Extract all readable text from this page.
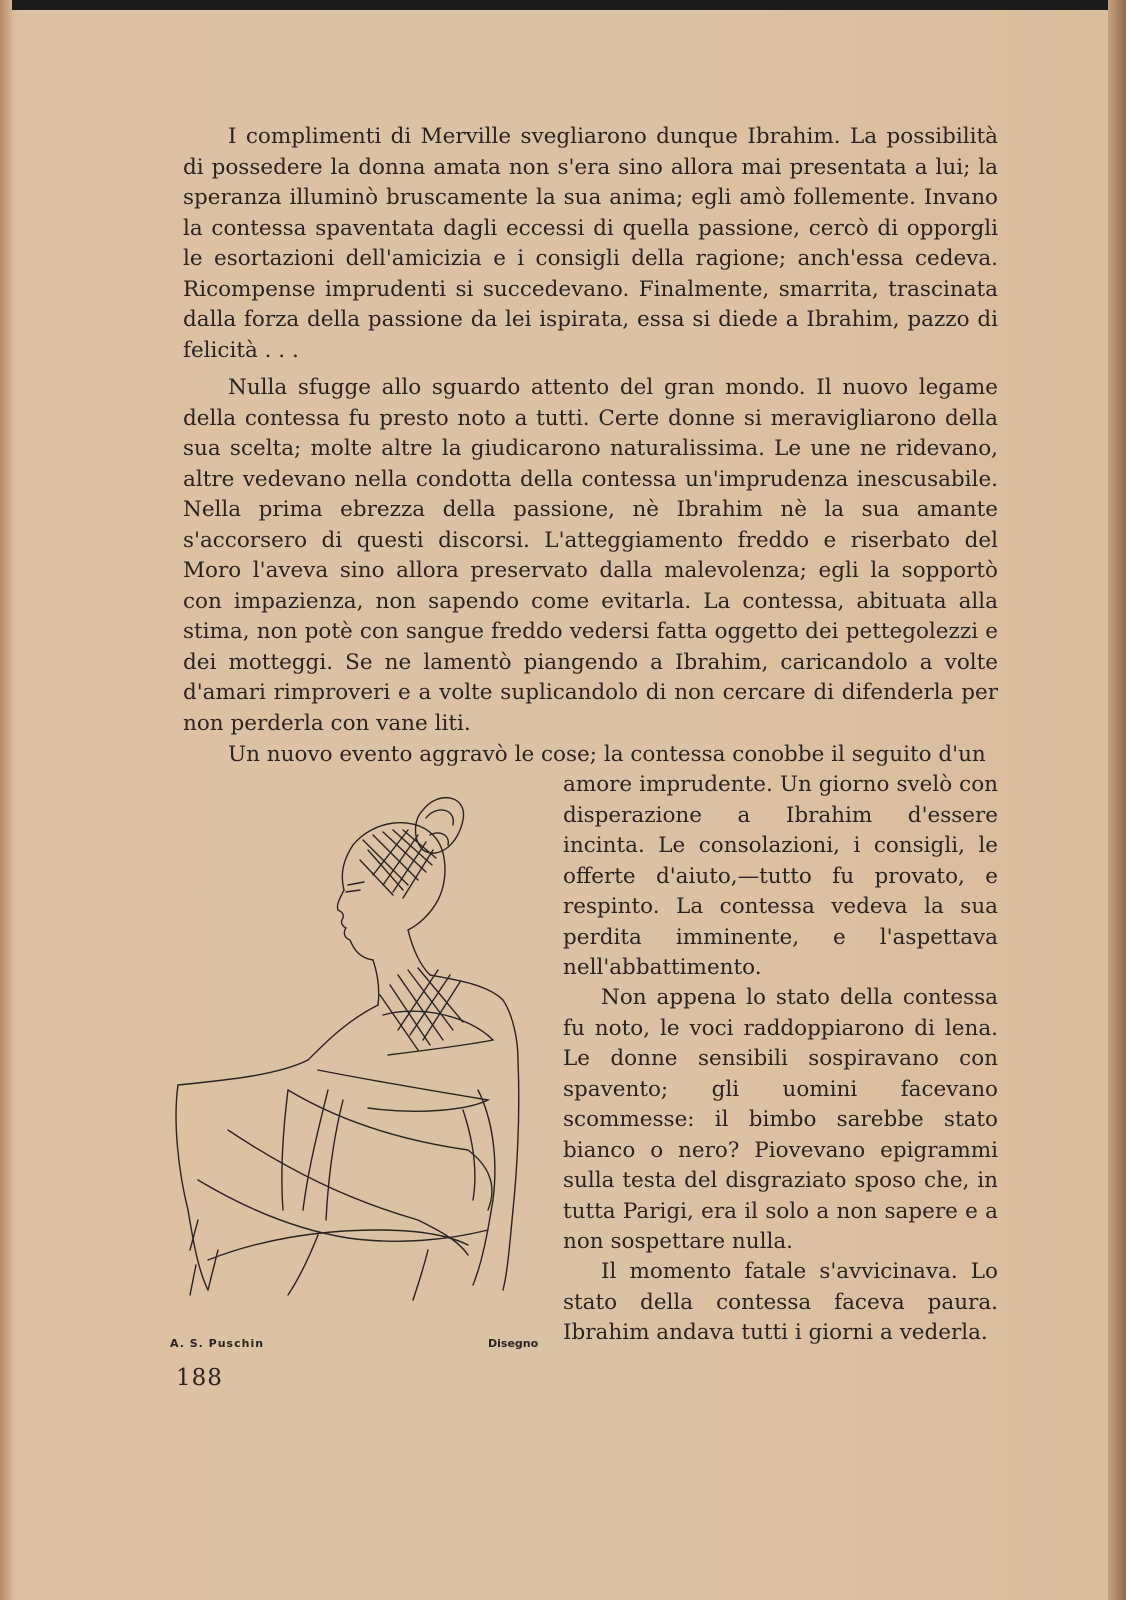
I complimenti di Merville svegliarono dunque Ibrahim. La possibilità di possedere la donna amata non s'era sino allora mai presentata a lui; la speranza illuminò bruscamente la sua anima; egli amò follemente. Invano la contessa spaventata dagli eccessi di quella passione, cercò di opporgli le esortazioni dell'amicizia e i consigli della ragione; anch'essa cedeva. Ricompense imprudenti si succedevano. Finalmente, smarrita, trascinata dalla forza della passione da lei ispirata, essa si diede a Ibrahim, pazzo di felicità . . .

Nulla sfugge allo sguardo attento del gran mondo. Il nuovo legame della contessa fu presto noto a tutti. Certe donne si meravigliarono della sua scelta; molte altre la giudicarono naturalissima. Le une ne ridevano, altre vedevano nella condotta della contessa un'imprudenza inescusabile. Nella prima ebrezza della passione, nè Ibrahim nè la sua amante s'accorsero di questi discorsi. L'atteggiamento freddo e riserbato del Moro l'aveva sino allora preservato dalla malevolenza; egli la sopportò con impazienza, non sapendo come evitarla. La contessa, abituata alla stima, non potè con sangue freddo vedersi fatta oggetto dei pettegolezzi e dei motteggi. Se ne lamentò piangendo a Ibrahim, caricandolo a volte d'amari rimproveri e a volte suplicandolo di non cercare di difenderla per non perderla con vane liti.

Un nuovo evento aggravò le cose; la contessa conobbe il seguito d'un

amore imprudente. Un giorno svelò con disperazione a Ibrahim d'essere incinta. Le consolazioni, i consigli, le offerte d'aiuto,—tutto fu provato, e respinto. La contessa vedeva la sua perdita imminente, e l'aspettava nell'abbattimento.

Non appena lo stato della contessa fu noto, le voci raddoppiarono di lena. Le donne sensibili sospiravano con spavento; gli uomini facevano scommesse: il bimbo sarebbe stato bianco o nero? Piovevano epigrammi sulla testa del disgraziato sposo che, in tutta Parigi, era il solo a non sapere e a non sospettare nulla.

Il momento fatale s'avvicinava. Lo stato della contessa faceva paura. Ibrahim andava tutti i giorni a vederla.

A. S. Puschin	Disegno
188
